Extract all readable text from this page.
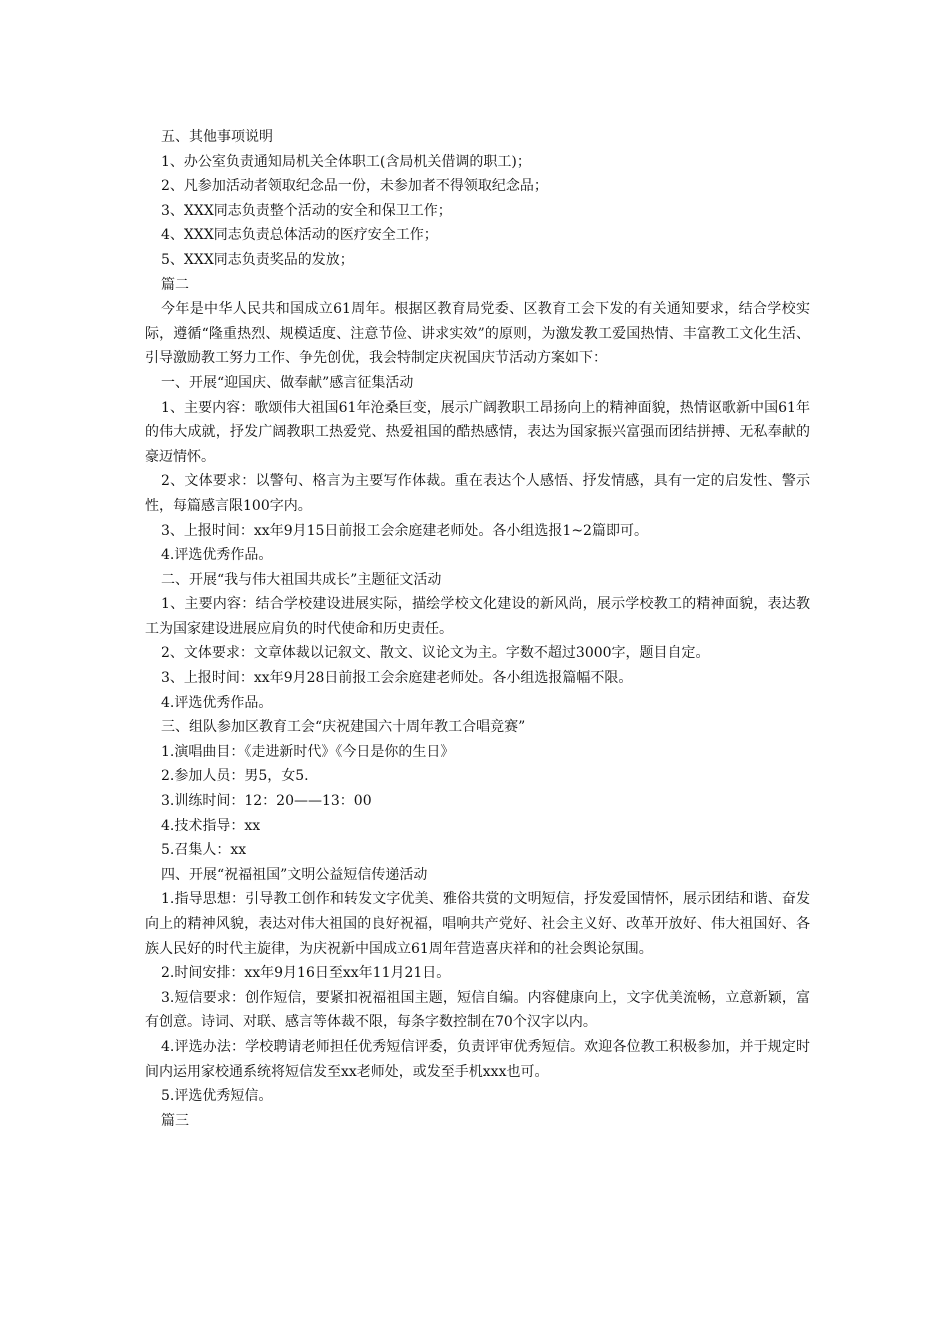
五、其他事项说明

1、办公室负责通知局机关全体职工(含局机关借调的职工)；

2、凡参加活动者领取纪念品一份，未参加者不得领取纪念品；

3、XXX同志负责整个活动的安全和保卫工作；

4、XXX同志负责总体活动的医疗安全工作；

5、XXX同志负责奖品的发放；

篇二

今年是中华人民共和国成立61周年。根据区教育局党委、区教育工会下发的有关通知要求，结合学校实际，遵循“隆重热烈、规模适度、注意节俭、讲求实效”的原则，为激发教工爱国热情、丰富教工文化生活、引导激励教工努力工作、争先创优，我会特制定庆祝国庆节活动方案如下：

一、开展“迎国庆、做奉献”感言征集活动

1、主要内容：歌颂伟大祖国61年沧桑巨变，展示广阔教职工昂扬向上的精神面貌，热情讴歌新中国61年的伟大成就，抒发广阔教职工热爱党、热爱祖国的酷热感情，表达为国家振兴富强而团结拼搏、无私奉献的豪迈情怀。

2、文体要求：以警句、格言为主要写作体裁。重在表达个人感悟、抒发情感，具有一定的启发性、警示性，每篇感言限100字内。

3、上报时间：xx年9月15日前报工会余庭建老师处。各小组选报1~2篇即可。

4.评选优秀作品。

二、开展“我与伟大祖国共成长”主题征文活动

1、主要内容：结合学校建设进展实际，描绘学校文化建设的新风尚，展示学校教工的精神面貌，表达教工为国家建设进展应肩负的时代使命和历史责任。

2、文体要求：文章体裁以记叙文、散文、议论文为主。字数不超过3000字，题目自定。

3、上报时间：xx年9月28日前报工会余庭建老师处。各小组选报篇幅不限。

4.评选优秀作品。

三、组队参加区教育工会“庆祝建国六十周年教工合唱竞赛”

1.演唱曲目：《走进新时代》《今日是你的生日》

2.参加人员：男5，女5.

3.训练时间：12：20——13：00

4.技术指导：xx

5.召集人：xx

四、开展“祝福祖国”文明公益短信传递活动

1.指导思想：引导教工创作和转发文字优美、雅俗共赏的文明短信，抒发爱国情怀，展示团结和谐、奋发向上的精神风貌，表达对伟大祖国的良好祝福，唱响共产党好、社会主义好、改革开放好、伟大祖国好、各族人民好的时代主旋律，为庆祝新中国成立61周年营造喜庆祥和的社会舆论氛围。

2.时间安排：xx年9月16日至xx年11月21日。

3.短信要求：创作短信，要紧扣祝福祖国主题，短信自编。内容健康向上，文字优美流畅，立意新颖，富有创意。诗词、对联、感言等体裁不限，每条字数控制在70个汉字以内。

4.评选办法：学校聘请老师担任优秀短信评委，负责评审优秀短信。欢迎各位教工积极参加，并于规定时间内运用家校通系统将短信发至xx老师处，或发至手机xxx也可。

5.评选优秀短信。

篇三
